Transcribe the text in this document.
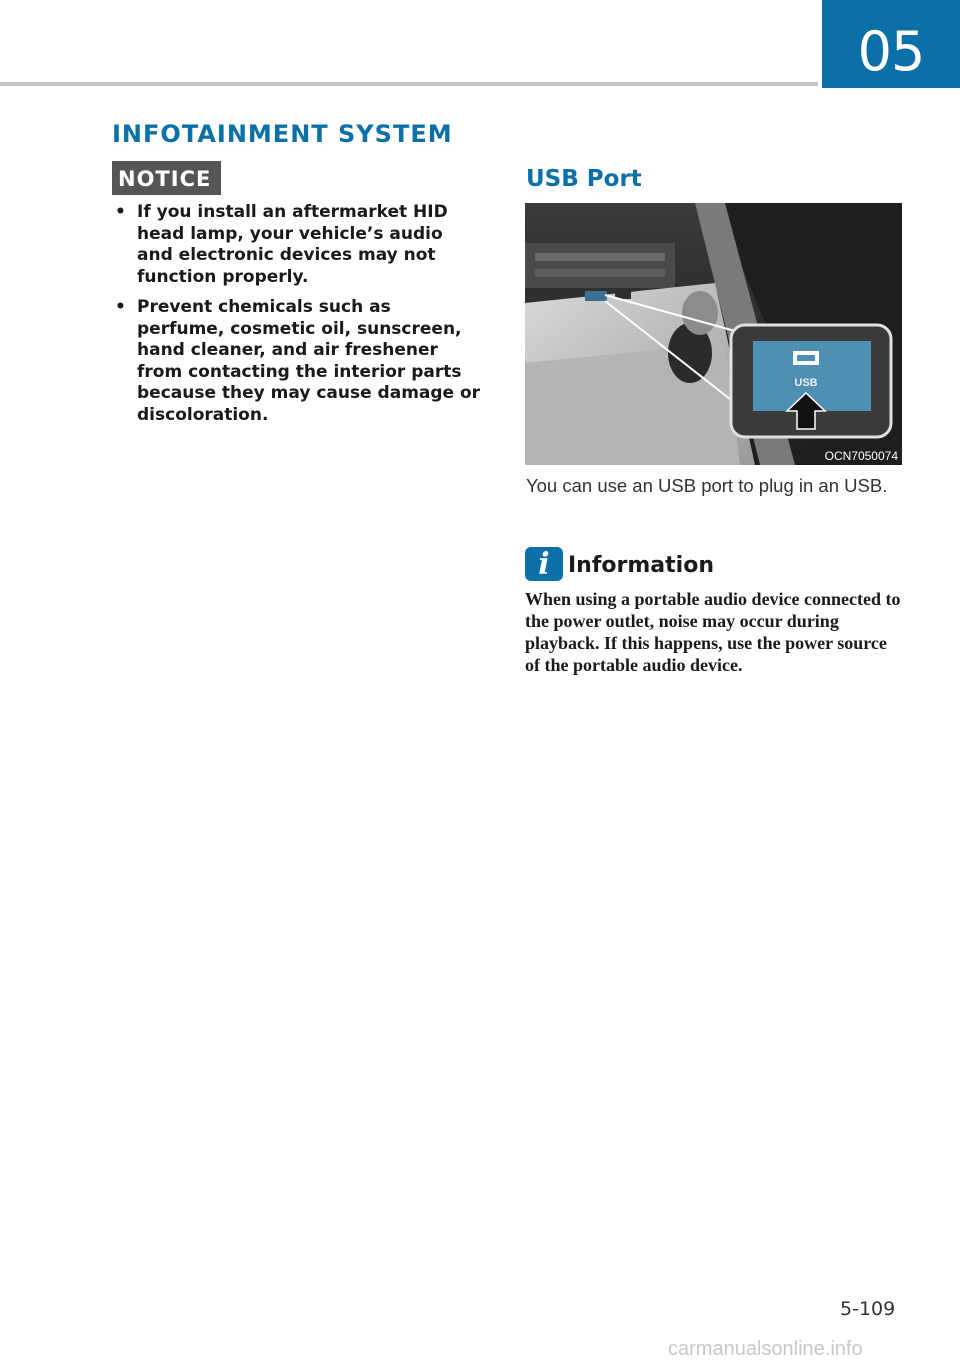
05
INFOTAINMENT SYSTEM
NOTICE
• If you install an aftermarket HID head lamp, your vehicle’s audio and electronic devices may not function properly.
• Prevent chemicals such as perfume, cosmetic oil, sunscreen, hand cleaner, and air freshener from contacting the interior parts because they may cause damage or discoloration.
USB Port
USB
OCN7050074
You can use an USB port to plug in an USB.
i Information
When using a portable audio device connected to the power outlet, noise may occur during playback. If this happens, use the power source of the portable audio device.
5-109
carmanualsonline.info
